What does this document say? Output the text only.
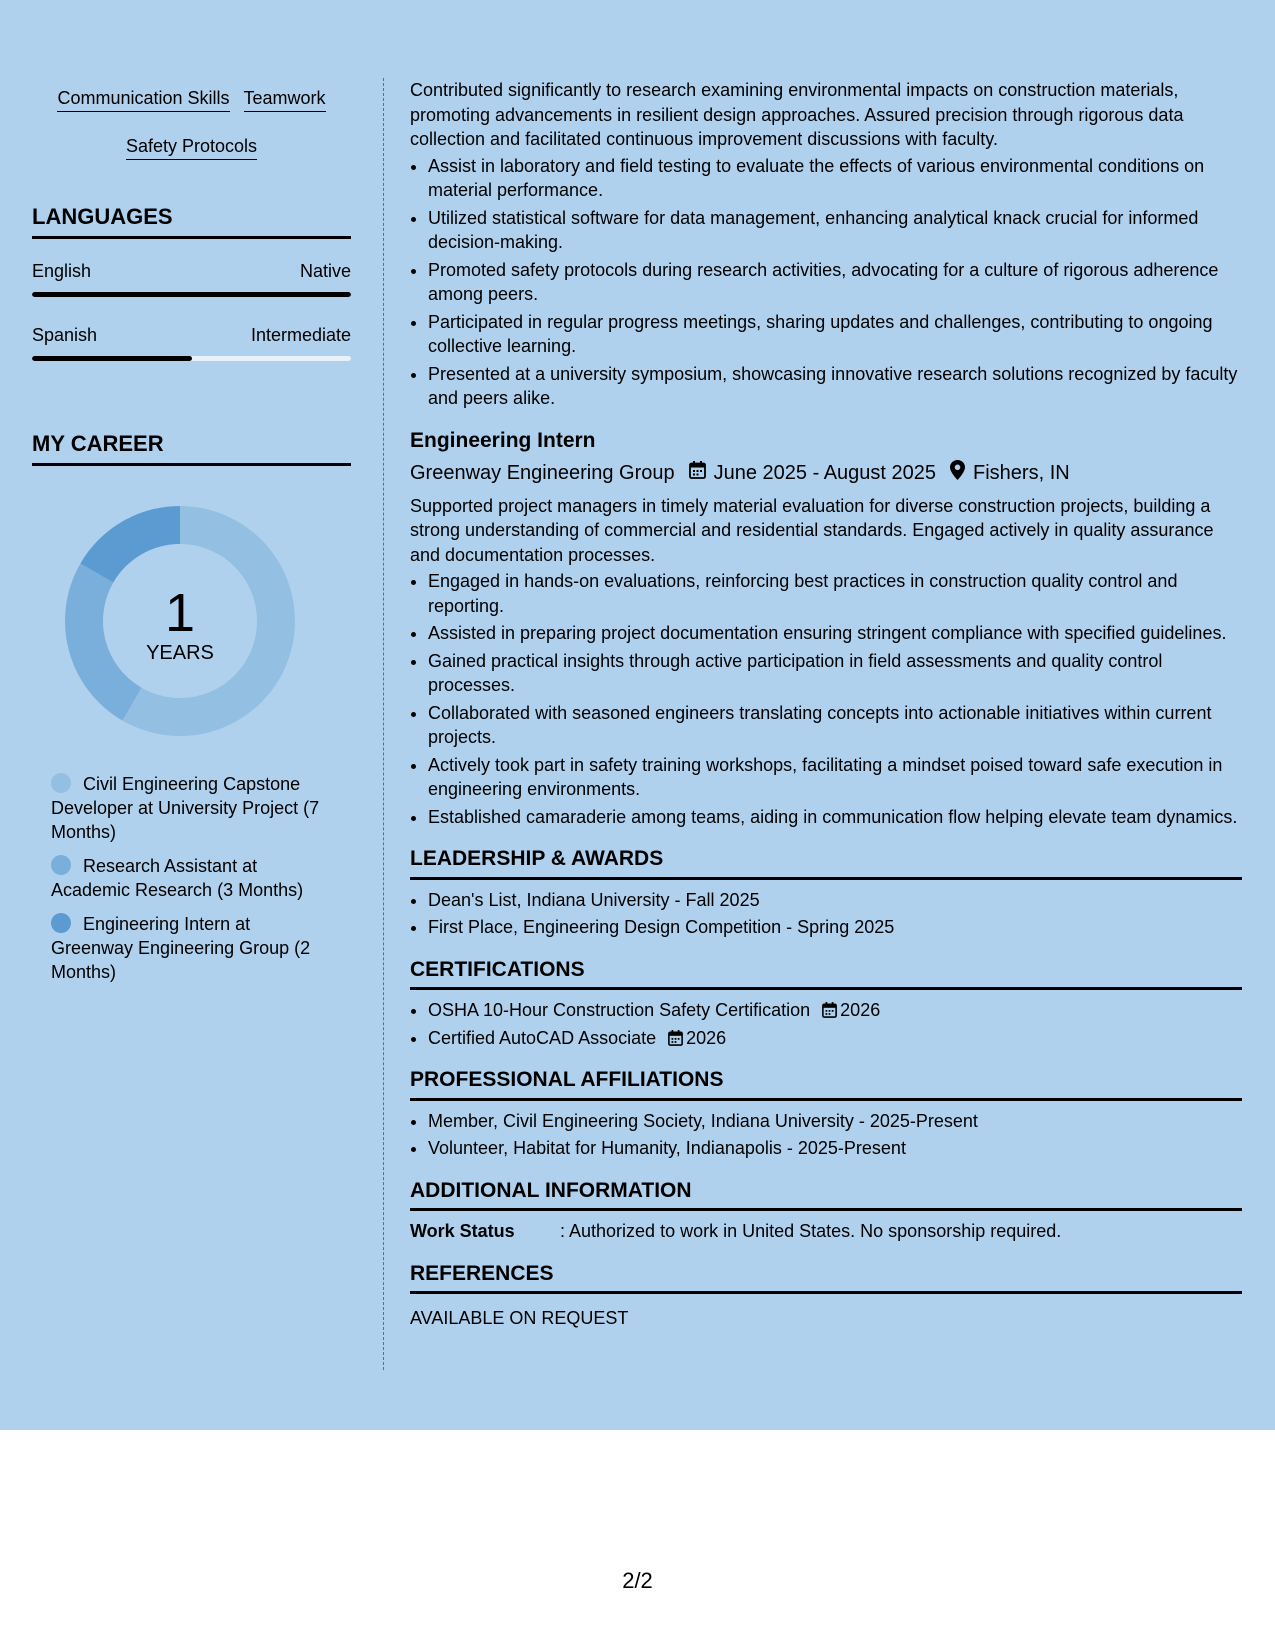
Communication Skills Teamwork
Safety Protocols
LANGUAGES
English	Native
Spanish	Intermediate
MY CAREER
1
YEARS
Civil Engineering Capstone Developer at University Project (7 Months)
Research Assistant at Academic Research (3 Months)
Engineering Intern at Greenway Engineering Group (2 Months)

Contributed significantly to research examining environmental impacts on construction materials, promoting advancements in resilient design approaches. Assured precision through rigorous data collection and facilitated continuous improvement discussions with faculty.

• Assist in laboratory and field testing to evaluate the effects of various environmental conditions on material performance.
• Utilized statistical software for data management, enhancing analytical knack crucial for informed decision-making.
• Promoted safety protocols during research activities, advocating for a culture of rigorous adherence among peers.
• Participated in regular progress meetings, sharing updates and challenges, contributing to ongoing collective learning.
• Presented at a university symposium, showcasing innovative research solutions recognized by faculty and peers alike.
Engineering Intern
Greenway Engineering Group June 2025 - August 2025 Fishers, IN

Supported project managers in timely material evaluation for diverse construction projects, building a strong understanding of commercial and residential standards. Engaged actively in quality assurance and documentation processes.

• Engaged in hands-on evaluations, reinforcing best practices in construction quality control and reporting.
• Assisted in preparing project documentation ensuring stringent compliance with specified guidelines.
• Gained practical insights through active participation in field assessments and quality control processes.
• Collaborated with seasoned engineers translating concepts into actionable initiatives within current projects.
• Actively took part in safety training workshops, facilitating a mindset poised toward safe execution in engineering environments.
• Established camaraderie among teams, aiding in communication flow helping elevate team dynamics.
LEADERSHIP & AWARDS
• Dean's List, Indiana University - Fall 2025
• First Place, Engineering Design Competition - Spring 2025
CERTIFICATIONS
• OSHA 10-Hour Construction Safety Certification 2026
• Certified AutoCAD Associate 2026
PROFESSIONAL AFFILIATIONS
• Member, Civil Engineering Society, Indiana University - 2025-Present
• Volunteer, Habitat for Humanity, Indianapolis - 2025-Present
ADDITIONAL INFORMATION
Work Status	: Authorized to work in United States. No sponsorship required.
REFERENCES

AVAILABLE ON REQUEST

2/2
